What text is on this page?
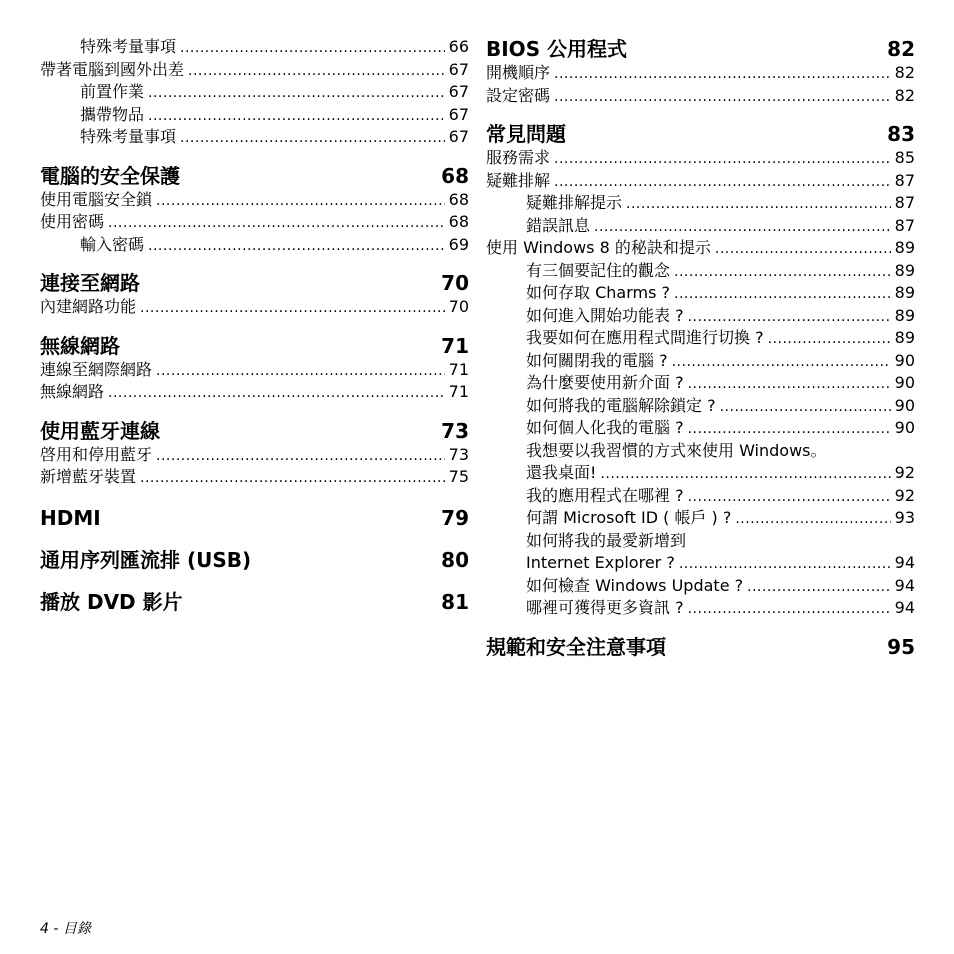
特殊考量事項 .....	66
帶著電腦到國外出差 .....	67
前置作業 .....	67
攜帶物品 .....	67
特殊考量事項 .....	67
電腦的安全保護	68
使用電腦安全鎖 .....	68
使用密碼 .....	68
輸入密碼 .....	69
連接至網路	70
內建網路功能 .....	70
無線網路	71
連線至網際網路 .....	71
無線網路 .....	71
使用藍牙連線	73
啓用和停用藍牙 .....	73
新增藍牙裝置 .....	75
HDMI	79
通用序列匯流排 (USB)	80
播放 DVD 影片	81
BIOS 公用程式	82
開機順序 .....	82
設定密碼 .....	82
常見問題	83
服務需求 .....	85
疑難排解 .....	87
疑難排解提示 .....	87
錯誤訊息 .....	87
使用 Windows 8 的秘訣和提示 .....	89
有三個要記住的觀念 .....	89
如何存取 Charms ? .....	89
如何進入開始功能表 ? .....	89
我要如何在應用程式間進行切換 ? .....	89
如何關閉我的電腦 ? .....	90
為什麼要使用新介面 ? .....	90
如何將我的電腦解除鎖定 ? .....	90
如何個人化我的電腦 ? .....	90
我想要以我習慣的方式來使用 Windows。
還我桌面! .....	92
我的應用程式在哪裡 ? .....	92
何謂 Microsoft ID ( 帳戶 ) ? .....	93
如何將我的最愛新增到
Internet Explorer ? .....	94
如何檢查 Windows Update ? .....	94
哪裡可獲得更多資訊 ? .....	94
規範和安全注意事項	95
4 - 目錄
